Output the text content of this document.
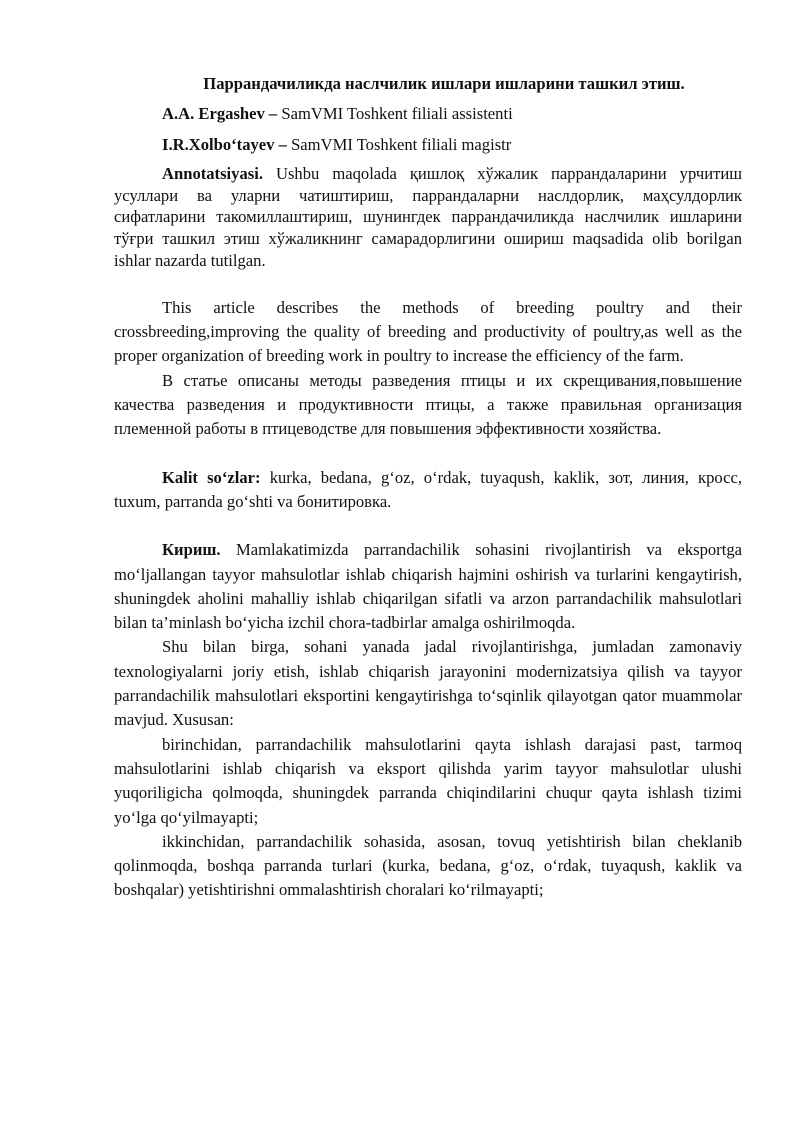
Паррандачиликда наслчилик ишлари ишларини ташкил этиш.
A.A. Ergashev – SamVMI Toshkent filiali assistenti
I.R.Xolbo‘tayev – SamVMI Toshkent filiali magistr

Annotatsiyasi. Ushbu maqolada қишлоқ хўжалик паррандаларини урчитиш усуллари ва уларни чатиштириш, паррандаларни наслдорлик, маҳсулдорлик сифатларини такомиллаштириш, шунингдек паррандачиликда наслчилик ишларини тўғри ташкил этиш хўжаликнинг самарадорлигини ошириш maqsadida olib borilgan ishlar nazarda tutilgan.

This article describes the methods of breeding poultry and their crossbreeding,improving the quality of breeding and productivity of poultry,as well as the proper organization of breeding work in poultry to increase the efficiency of the farm.

В статье описаны методы разведения птицы и их скрещивания,повышение качества разведения и продуктивности птицы, а также правильная организация племенной работы в птицеводстве для повышения эффективности хозяйства.

Kalit so‘zlar: kurka, bedana, g‘oz, o‘rdak, tuyaqush, kaklik, зот, линия, кросс, tuxum, parranda go‘shti va бонитировка.

Кириш. Mamlakatimizda parrandachilik sohasini rivojlantirish va eksportga mo‘ljallangan tayyor mahsulotlar ishlab chiqarish hajmini oshirish va turlarini kengaytirish, shuningdek aholini mahalliy ishlab chiqarilgan sifatli va arzon parrandachilik mahsulotlari bilan ta’minlash bo‘yicha izchil chora-tadbirlar amalga oshirilmoqda.

Shu bilan birga, sohani yanada jadal rivojlantirishga, jumladan zamonaviy texnologiyalarni joriy etish, ishlab chiqarish jarayonini modernizatsiya qilish va tayyor parrandachilik mahsulotlari eksportini kengaytirishga to‘sqinlik qilayotgan qator muammolar mavjud. Xususan:

birinchidan, parrandachilik mahsulotlarini qayta ishlash darajasi past, tarmoq mahsulotlarini ishlab chiqarish va eksport qilishda yarim tayyor mahsulotlar ulushi yuqoriligicha qolmoqda, shuningdek parranda chiqindilarini chuqur qayta ishlash tizimi yo‘lga qo‘yilmayapti;

ikkinchidan, parrandachilik sohasida, asosan, tovuq yetishtirish bilan cheklanib qolinmoqda, boshqa parranda turlari (kurka, bedana, g‘oz, o‘rdak, tuyaqush, kaklik va boshqalar) yetishtirishni ommalashtirish choralari ko‘rilmayapti;
